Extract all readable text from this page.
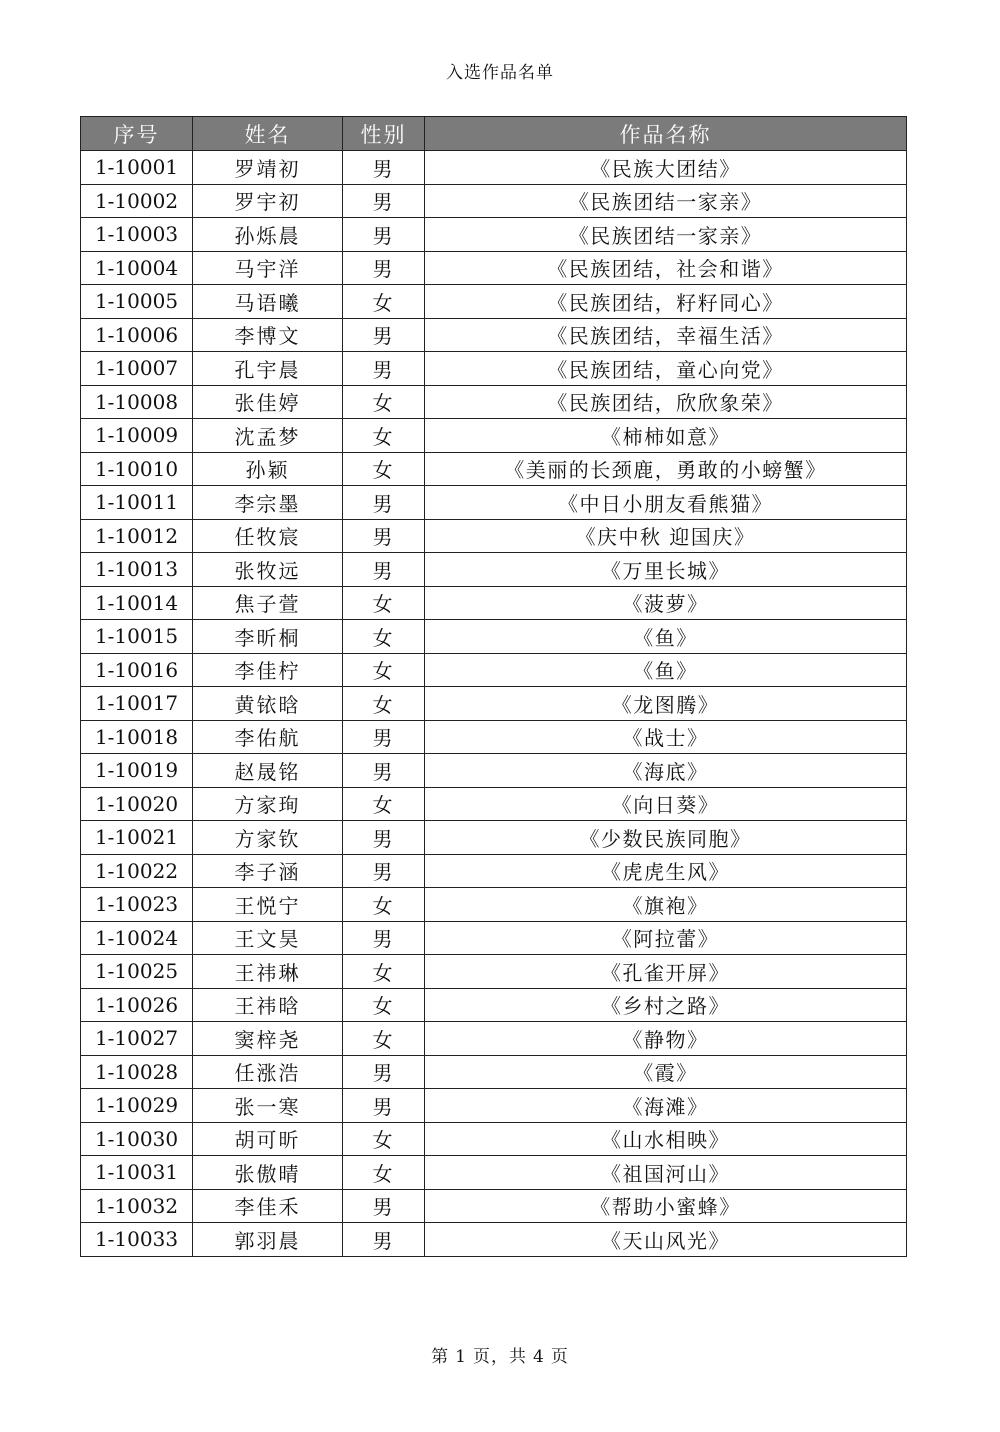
入选作品名单
序号	姓名	性别	作品名称
1-10001	罗靖初	男	《民族大团结》
1-10002	罗宇初	男	《民族团结一家亲》
1-10003	孙烁晨	男	《民族团结一家亲》
1-10004	马宇洋	男	《民族团结，社会和谐》
1-10005	马语曦	女	《民族团结，籽籽同心》
1-10006	李博文	男	《民族团结，幸福生活》
1-10007	孔宇晨	男	《民族团结，童心向党》
1-10008	张佳婷	女	《民族团结，欣欣象荣》
1-10009	沈孟梦	女	《柿柿如意》
1-10010	孙颖	女	《美丽的长颈鹿，勇敢的小螃蟹》
1-10011	李宗墨	男	《中日小朋友看熊猫》
1-10012	任牧宸	男	《庆中秋 迎国庆》
1-10013	张牧远	男	《万里长城》
1-10014	焦子萱	女	《菠萝》
1-10015	李昕桐	女	《鱼》
1-10016	李佳柠	女	《鱼》
1-10017	黄铱晗	女	《龙图腾》
1-10018	李佑航	男	《战士》
1-10019	赵晟铭	男	《海底》
1-10020	方家珣	女	《向日葵》
1-10021	方家钦	男	《少数民族同胞》
1-10022	李子涵	男	《虎虎生风》
1-10023	王悦宁	女	《旗袍》
1-10024	王文昊	男	《阿拉蕾》
1-10025	王祎琳	女	《孔雀开屏》
1-10026	王祎晗	女	《乡村之路》
1-10027	窦梓尧	女	《静物》
1-10028	任涨浩	男	《霞》
1-10029	张一寒	男	《海滩》
1-10030	胡可昕	女	《山水相映》
1-10031	张傲晴	女	《祖国河山》
1-10032	李佳禾	男	《帮助小蜜蜂》
1-10033	郭羽晨	男	《天山风光》
第 1 页，共 4 页
